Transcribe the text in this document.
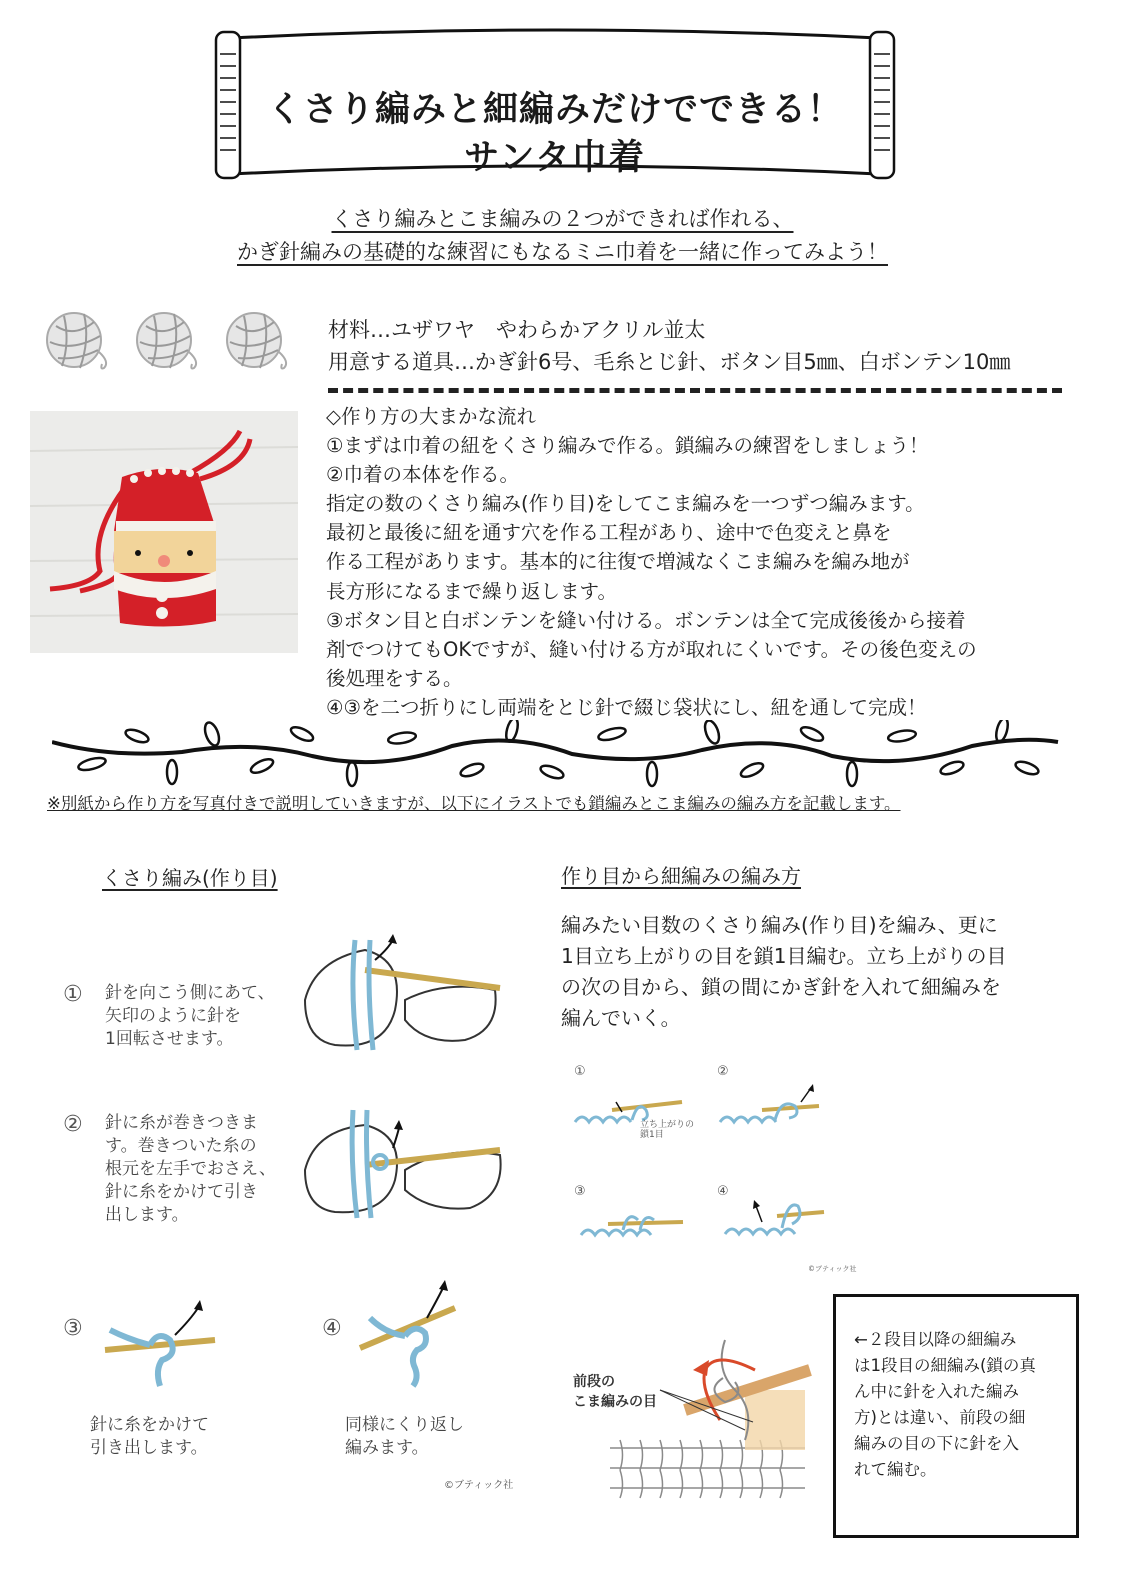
くさり編みと細編みだけでできる！
サンタ巾着
くさり編みとこま編みの２つができれば作れる、
かぎ針編みの基礎的な練習にもなるミニ巾着を一緒に作ってみよう！
材料…ユザワヤ　やわらかアクリル並太
用意する道具…かぎ針6号、毛糸とじ針、ボタン目5㎜、白ボンテン10㎜
◇作り方の大まかな流れ
①まずは巾着の紐をくさり編みで作る。鎖編みの練習をしましょう！
②巾着の本体を作る。
指定の数のくさり編み(作り目)をしてこま編みを一つずつ編みます。
最初と最後に紐を通す穴を作る工程があり、途中で色変えと鼻を
作る工程があります。基本的に往復で増減なくこま編みを編み地が
長方形になるまで繰り返します。
③ボタン目と白ボンテンを縫い付ける。ボンテンは全て完成後後から接着
剤でつけてもOKですが、縫い付ける方が取れにくいです。その後色変えの
後処理をする。
④③を二つ折りにし両端をとじ針で綴じ袋状にし、紐を通して完成！
※別紙から作り方を写真付きで説明していきますが、以下にイラストでも鎖編みとこま編みの編み方を記載します。
くさり編み(作り目)	作り目から細編みの編み方
① 針を向こう側にあて、
矢印のように針を
1回転させます。
② 針に糸が巻きつきま
す。巻きついた糸の
根元を左手でおさえ、
針に糸をかけて引き
出します。
③
針に糸をかけて
引き出します。
④
同様にくり返し
編みます。
©ブティック社
編みたい目数のくさり編み(作り目)を編み、更に
1目立ち上がりの目を鎖1目編む。立ち上がりの目
の次の目から、鎖の間にかぎ針を入れて細編みを
編んでいく。
①	②
③	④
立ち上がりの鎖1目
©ブティック社
前段の
こま編みの目
←２段目以降の細編み
は1段目の細編み(鎖の真
ん中に針を入れた編み
方)とは違い、前段の細
編みの目の下に針を入
れて編む。
